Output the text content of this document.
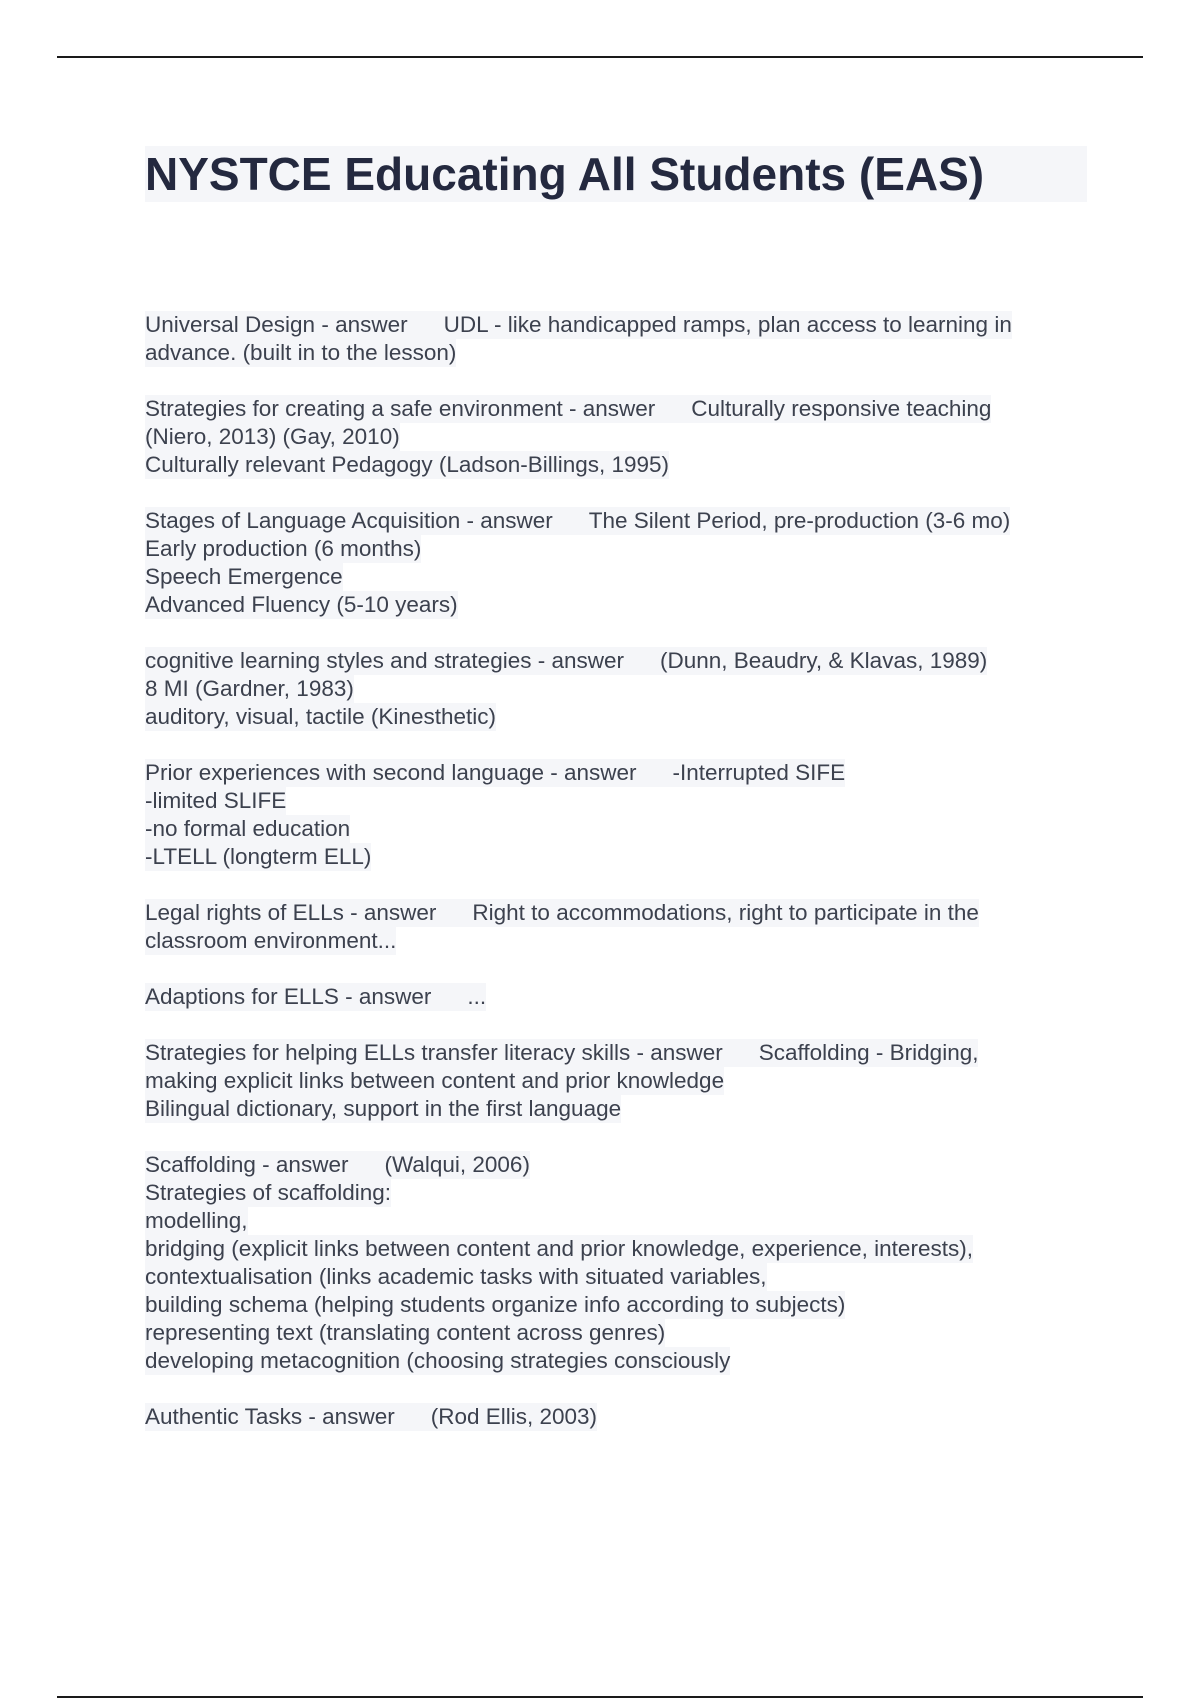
NYSTCE Educating All Students (EAS)

Universal Design - answer UDL - like handicapped ramps, plan access to learning in
advance. (built in to the lesson)

Strategies for creating a safe environment - answer Culturally responsive teaching
(Niero, 2013) (Gay, 2010)
Culturally relevant Pedagogy (Ladson-Billings, 1995)

Stages of Language Acquisition - answer The Silent Period, pre-production (3-6 mo)
Early production (6 months)
Speech Emergence
Advanced Fluency (5-10 years)

cognitive learning styles and strategies - answer (Dunn, Beaudry, & Klavas, 1989)
8 MI (Gardner, 1983)
auditory, visual, tactile (Kinesthetic)

Prior experiences with second language - answer -Interrupted SIFE
-limited SLIFE
-no formal education
-LTELL (longterm ELL)

Legal rights of ELLs - answer Right to accommodations, right to participate in the
classroom environment...

Adaptions for ELLS - answer ...

Strategies for helping ELLs transfer literacy skills - answer Scaffolding - Bridging,
making explicit links between content and prior knowledge
Bilingual dictionary, support in the first language

Scaffolding - answer (Walqui, 2006)
Strategies of scaffolding:
modelling,
bridging (explicit links between content and prior knowledge, experience, interests),
contextualisation (links academic tasks with situated variables,
building schema (helping students organize info according to subjects)
representing text (translating content across genres)
developing metacognition (choosing strategies consciously

Authentic Tasks - answer (Rod Ellis, 2003)
